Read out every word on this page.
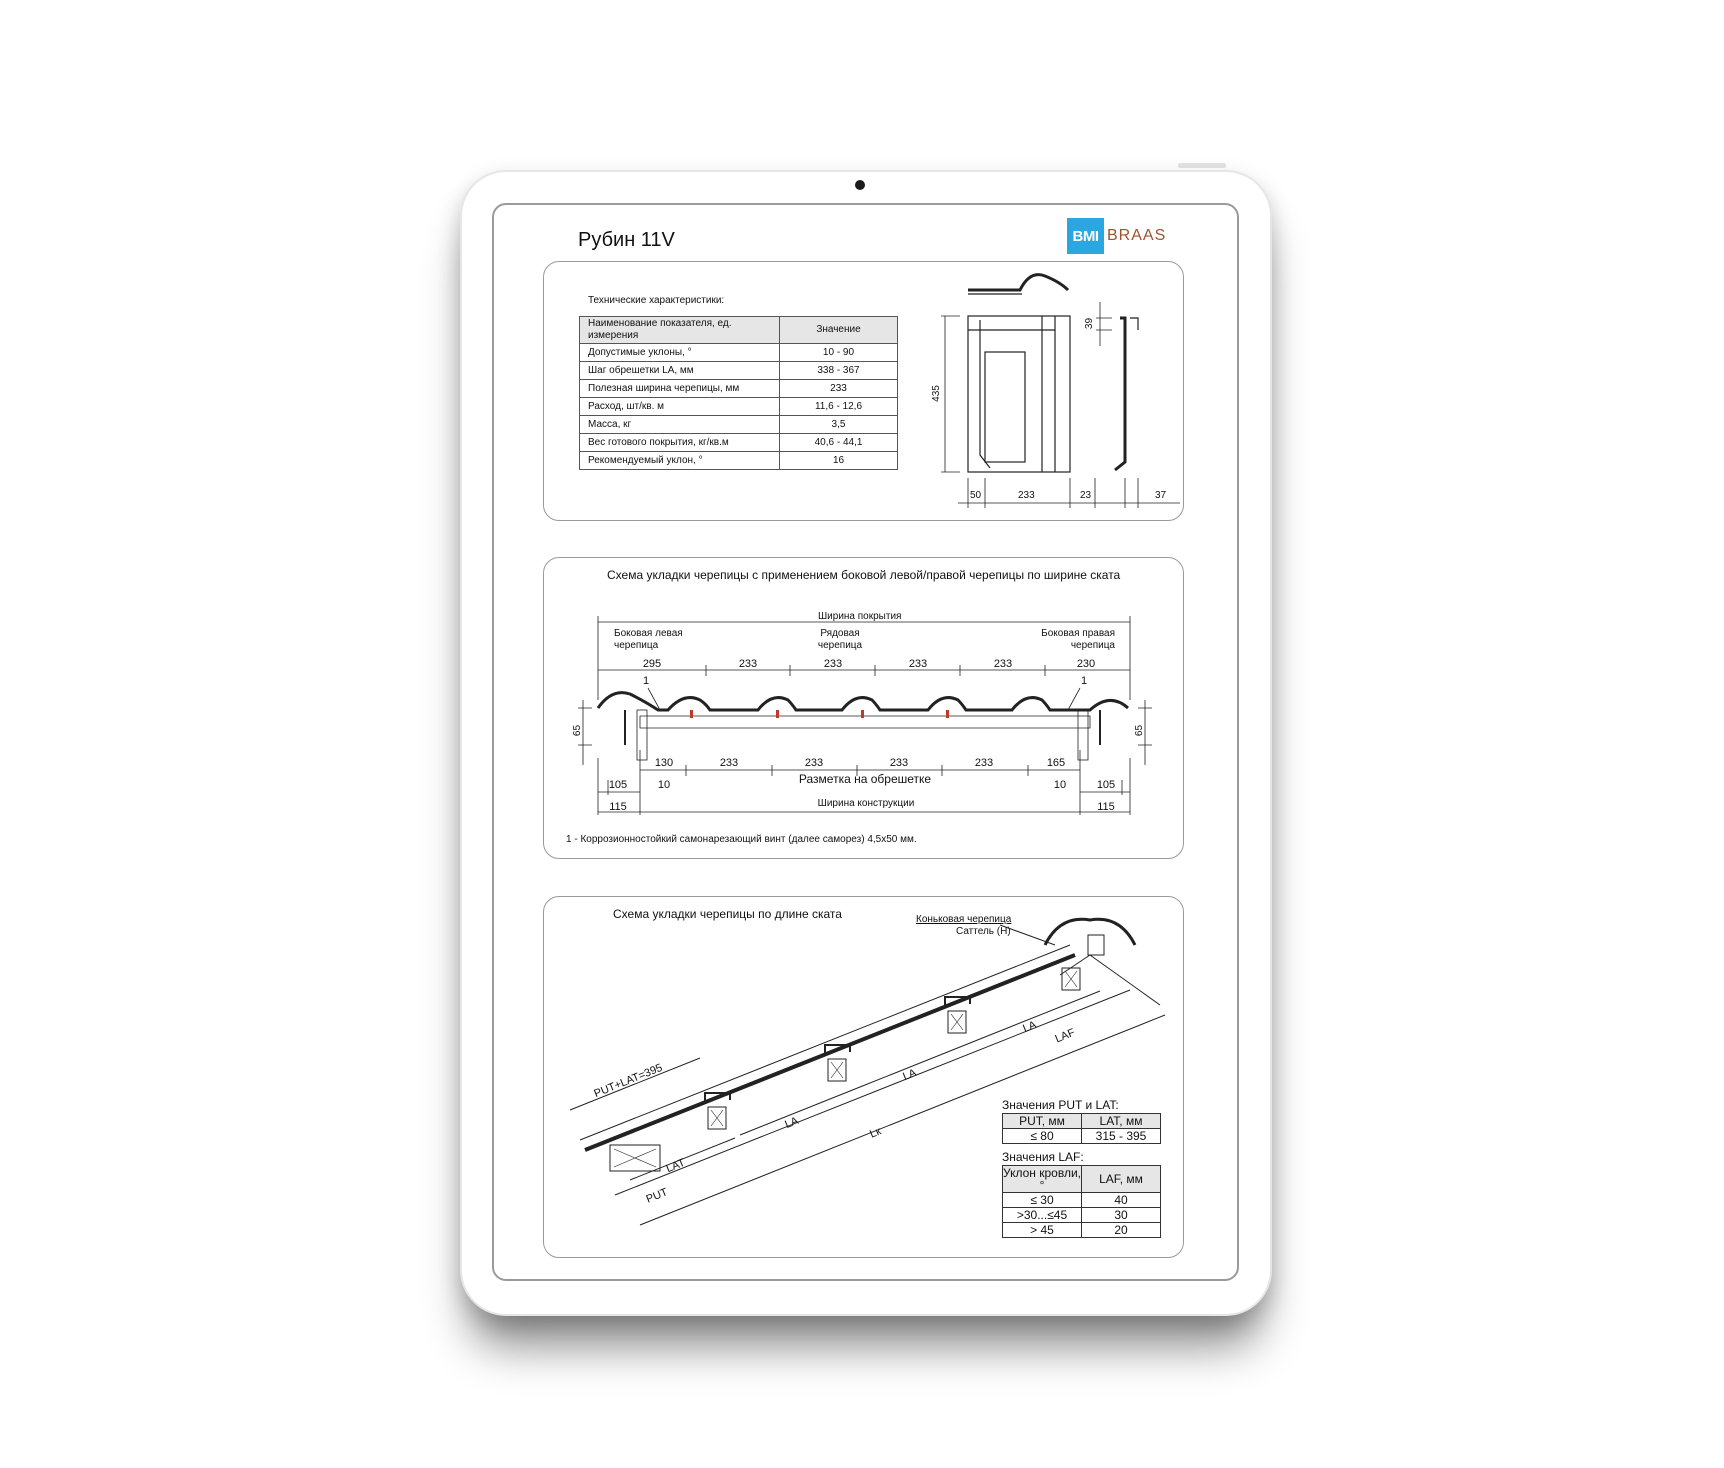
Рубин 11V	BMI BRAAS
Технические характеристики:
Наименование показателя, ед. измерения	Значение
Допустимые уклоны, °	10 - 90
Шаг обрешетки LA, мм	338 - 367
Полезная ширина черепицы, мм	233
Расход, шт/кв. м	11,6 - 12,6
Масса, кг	3,5
Вес готового покрытия, кг/кв.м	40,6 - 44,1
Рекомендуемый уклон, °	16
435
39
50	233	23	37
Схема укладки черепицы с применением боковой левой/правой черепицы по ширине ската
Ширина покрытия
Боковая левая черепица
Рядовая черепица
Боковая правая черепица
295	233	233	233	233	230
1	1
65	65
130	233	233	233	233	165
Разметка на обрешетке
105	10	10	105
Ширина конструкции
115	115
1 - Коррозионностойкий самонарезающий винт (далее саморез) 4,5х50 мм.
Схема укладки черепицы по длине ската	Коньковая черепица
Саттель (Н)
PUT+LAT=395
LA
LA
LA LAF
Lк
LAT
PUT
Значения PUT и LAT:
PUT, мм	LAT, мм
≤ 80	315 - 395
Значения LAF:
Уклон кровли, °	LAF, мм
≤ 30	40
>30...≤45	30
> 45	20
